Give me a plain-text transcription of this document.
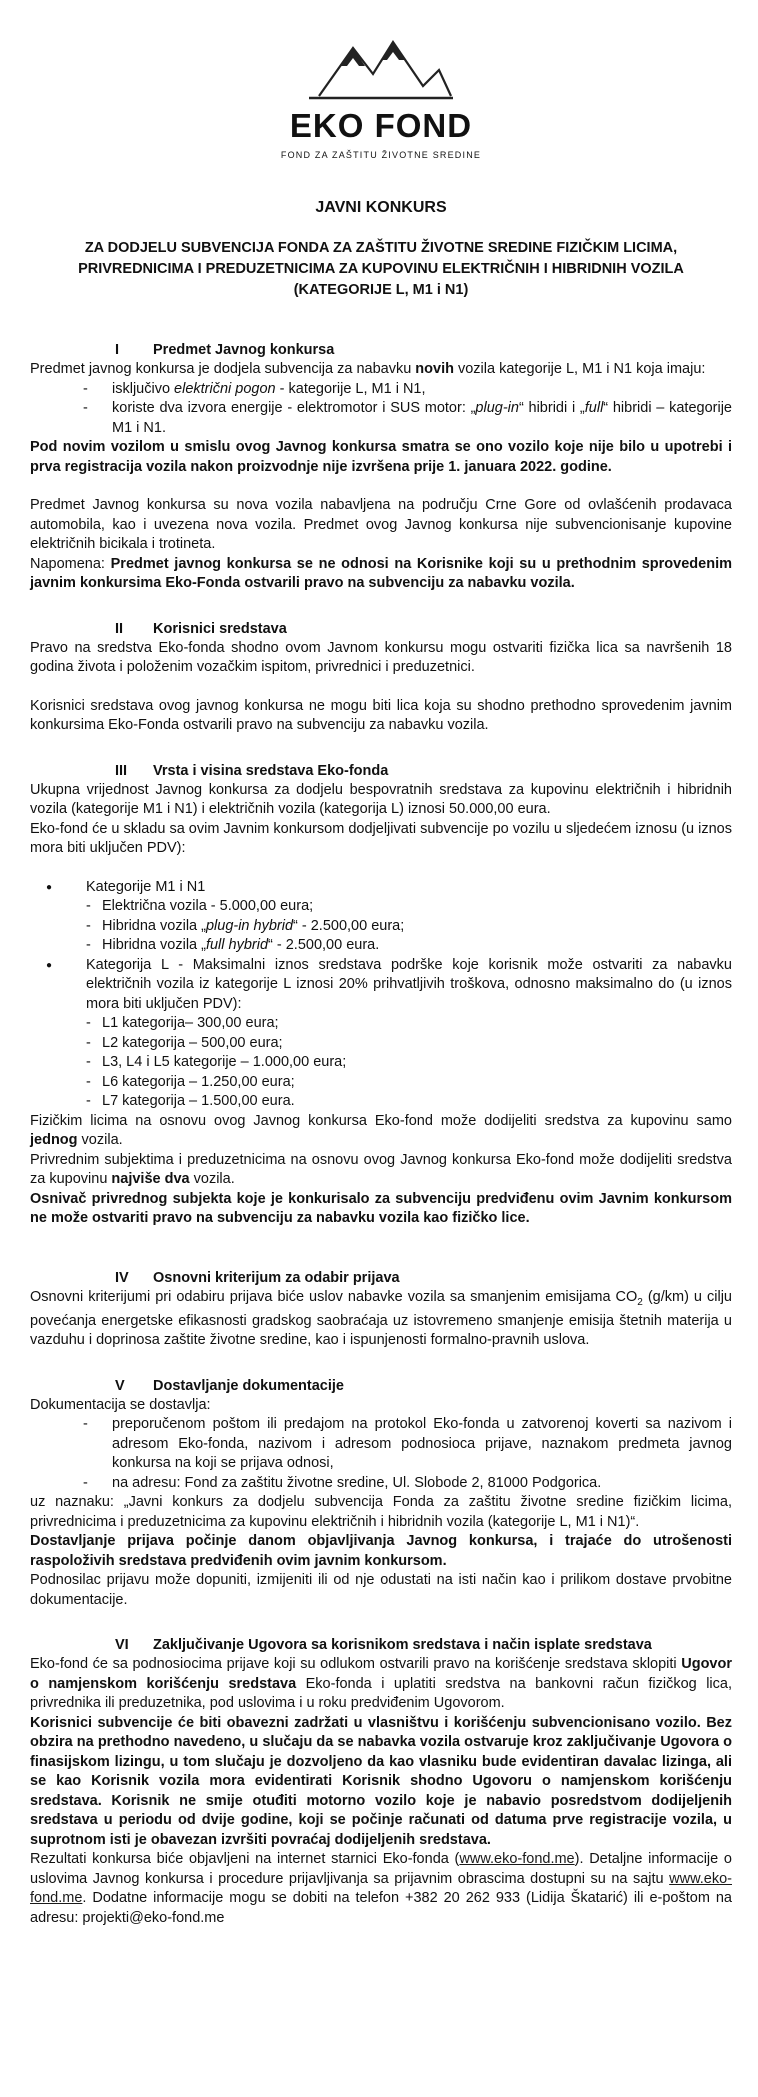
EKO FOND
FOND ZA ZAŠTITU ŽIVOTNE SREDINE
JAVNI KONKURS
ZA DODJELU SUBVENCIJA FONDA ZA ZAŠTITU ŽIVOTNE SREDINE FIZIČKIM LICIMA, PRIVREDNICIMA I PREDUZETNICIMA ZA KUPOVINU ELEKTRIČNIH I HIBRIDNIH VOZILA (KATEGORIJE L, M1 i N1)
I Predmet Javnog konkursa

Predmet javnog konkursa je dodjela subvencija za nabavku novih vozila kategorije L, M1 i N1 koja imaju:

- isključivo električni pogon - kategorije L, M1 i N1,
- koriste dva izvora energije - elektromotor i SUS motor: „plug-in“ hibridi i „full“ hibridi – kategorije M1 i N1.

Pod novim vozilom u smislu ovog Javnog konkursa smatra se ono vozilo koje nije bilo u upotrebi i prva registracija vozila nakon proizvodnje nije izvršena prije 1. januara 2022. godine.

Predmet Javnog konkursa su nova vozila nabavljena na području Crne Gore od ovlašćenih prodavaca automobila, kao i uvezena nova vozila. Predmet ovog Javnog konkursa nije subvencionisanje kupovine električnih bicikala i trotineta.

Napomena: Predmet javnog konkursa se ne odnosi na Korisnike koji su u prethodnim sprovedenim javnim konkursima Eko-Fonda ostvarili pravo na subvenciju za nabavku vozila.

II Korisnici sredstava

Pravo na sredstva Eko-fonda shodno ovom Javnom konkursu mogu ostvariti fizička lica sa navršenih 18 godina života i položenim vozačkim ispitom, privrednici i preduzetnici.

Korisnici sredstava ovog javnog konkursa ne mogu biti lica koja su shodno prethodno sprovedenim javnim konkursima Eko-Fonda ostvarili pravo na subvenciju za nabavku vozila.

III Vrsta i visina sredstava Eko-fonda

Ukupna vrijednost Javnog konkursa za dodjelu bespovratnih sredstava za kupovinu električnih i hibridnih vozila (kategorije M1 i N1) i električnih vozila (kategorija L) iznosi 50.000,00 eura.

Eko-fond će u skladu sa ovim Javnim konkursom dodjeljivati subvencije po vozilu u sljedećem iznosu (u iznos mora biti uključen PDV):

● Kategorije M1 i N1
- Električna vozila - 5.000,00 eura;
- Hibridna vozila „plug-in hybrid“ - 2.500,00 eura;
- Hibridna vozila „full hybrid“ - 2.500,00 eura.
● Kategorija L - Maksimalni iznos sredstava podrške koje korisnik može ostvariti za nabavku električnih vozila iz kategorije L iznosi 20% prihvatljivih troškova, odnosno maksimalno do (u iznos mora biti uključen PDV):
- L1 kategorija– 300,00 eura;
- L2 kategorija – 500,00 eura;
- L3, L4 i L5 kategorije – 1.000,00 eura;
- L6 kategorija – 1.250,00 eura;
- L7 kategorija – 1.500,00 eura.

Fizičkim licima na osnovu ovog Javnog konkursa Eko-fond može dodijeliti sredstva za kupovinu samo jednog vozila.

Privrednim subjektima i preduzetnicima na osnovu ovog Javnog konkursa Eko-fond može dodijeliti sredstva za kupovinu najviše dva vozila.

Osnivač privrednog subjekta koje je konkurisalo za subvenciju predviđenu ovim Javnim konkursom ne može ostvariti pravo na subvenciju za nabavku vozila kao fizičko lice.

IV Osnovni kriterijum za odabir prijava

Osnovni kriterijumi pri odabiru prijava biće uslov nabavke vozila sa smanjenim emisijama $CO_2$ (g/km) u cilju povećanja energetske efikasnosti gradskog saobraćaja uz istovremeno smanjenje emisija štetnih materija u vazduhu i doprinosa zaštite životne sredine, kao i ispunjenosti formalno-pravnih uslova.

V Dostavljanje dokumentacije

Dokumentacija se dostavlja:

- preporučenom poštom ili predajom na protokol Eko-fonda u zatvorenoj koverti sa nazivom i adresom Eko-fonda, nazivom i adresom podnosioca prijave, naznakom predmeta javnog konkursa na koji se prijava odnosi,
- na adresu: Fond za zaštitu životne sredine, Ul. Slobode 2, 81000 Podgorica.

uz naznaku: „Javni konkurs za dodjelu subvencija Fonda za zaštitu životne sredine fizičkim licima, privrednicima i preduzetnicima za kupovinu električnih i hibridnih vozila (kategorije L, M1 i N1)“.

Dostavljanje prijava počinje danom objavljivanja Javnog konkursa, i trajaće do utrošenosti raspoloživih sredstava predviđenih ovim javnim konkursom.

Podnosilac prijavu može dopuniti, izmijeniti ili od nje odustati na isti način kao i prilikom dostave prvobitne dokumentacije.

VI Zaključivanje Ugovora sa korisnikom sredstava i način isplate sredstava

Eko-fond će sa podnosiocima prijave koji su odlukom ostvarili pravo na korišćenje sredstava sklopiti Ugovor o namjenskom korišćenju sredstava Eko-fonda i uplatiti sredstva na bankovni račun fizičkog lica, privrednika ili preduzetnika, pod uslovima i u roku predviđenim Ugovorom.

Korisnici subvencije će biti obavezni zadržati u vlasništvu i korišćenju subvencionisano vozilo. Bez obzira na prethodno navedeno, u slučaju da se nabavka vozila ostvaruje kroz zaključivanje Ugovora o finasijskom lizingu, u tom slučaju je dozvoljeno da kao vlasniku bude evidentiran davalac lizinga, ali se kao Korisnik vozila mora evidentirati Korisnik shodno Ugovoru o namjenskom korišćenju sredstava. Korisnik ne smije otuđiti motorno vozilo koje je nabavio posredstvom dodijeljenih sredstava u periodu od dvije godine, koji se počinje računati od datuma prve registracije vozila, u suprotnom isti je obavezan izvršiti povraćaj dodijeljenih sredstava.

Rezultati konkursa biće objavljeni na internet starnici Eko-fonda (www.eko-fond.me). Detaljne informacije o uslovima Javnog konkursa i procedure prijavljivanja sa prijavnim obrascima dostupni su na sajtu www.eko-fond.me. Dodatne informacije mogu se dobiti na telefon +382 20 262 933 (Lidija Škatarić) ili e-poštom na adresu: projekti@eko-fond.me
